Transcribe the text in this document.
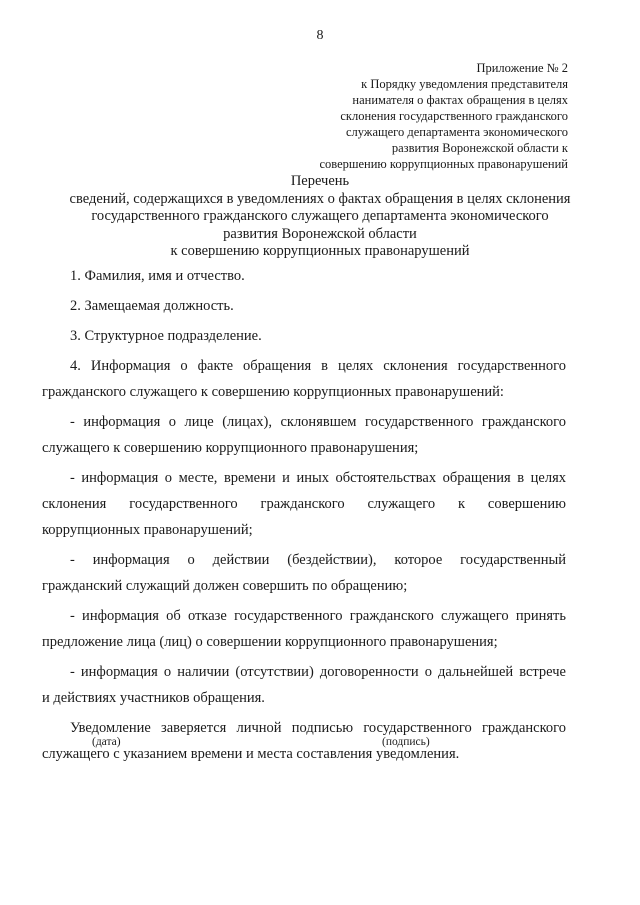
8
Приложение № 2
к Порядку уведомления представителя
нанимателя о фактах обращения в целях
склонения государственного гражданского
служащего департамента экономического
развития Воронежской области к
совершению коррупционных правонарушений
Перечень
сведений, содержащихся в уведомлениях о фактах обращения в целях склонения
государственного гражданского служащего департамента экономического
развития Воронежской области
к совершению коррупционных правонарушений
1. Фамилия, имя и отчество.
2. Замещаемая должность.
3. Структурное подразделение.
4. Информация о факте обращения в целях склонения государственного
гражданского служащего к совершению коррупционных правонарушений:
- информация о лице (лицах), склонявшем государственного гражданского
служащего к совершению коррупционного правонарушения;
- информация о месте, времени и иных обстоятельствах обращения в целях
склонения государственного гражданского служащего к совершению
коррупционных правонарушений;
- информация о действии (бездействии), которое государственный
гражданский служащий должен совершить по обращению;
- информация об отказе государственного гражданского служащего принять
предложение лица (лиц) о совершении коррупционного правонарушения;
- информация о наличии (отсутствии) договоренности о дальнейшей встрече
и действиях участников обращения.
Уведомление заверяется личной подписью государственного гражданского
служащего с указанием времени и места составления уведомления.
(дата)	(подпись)
